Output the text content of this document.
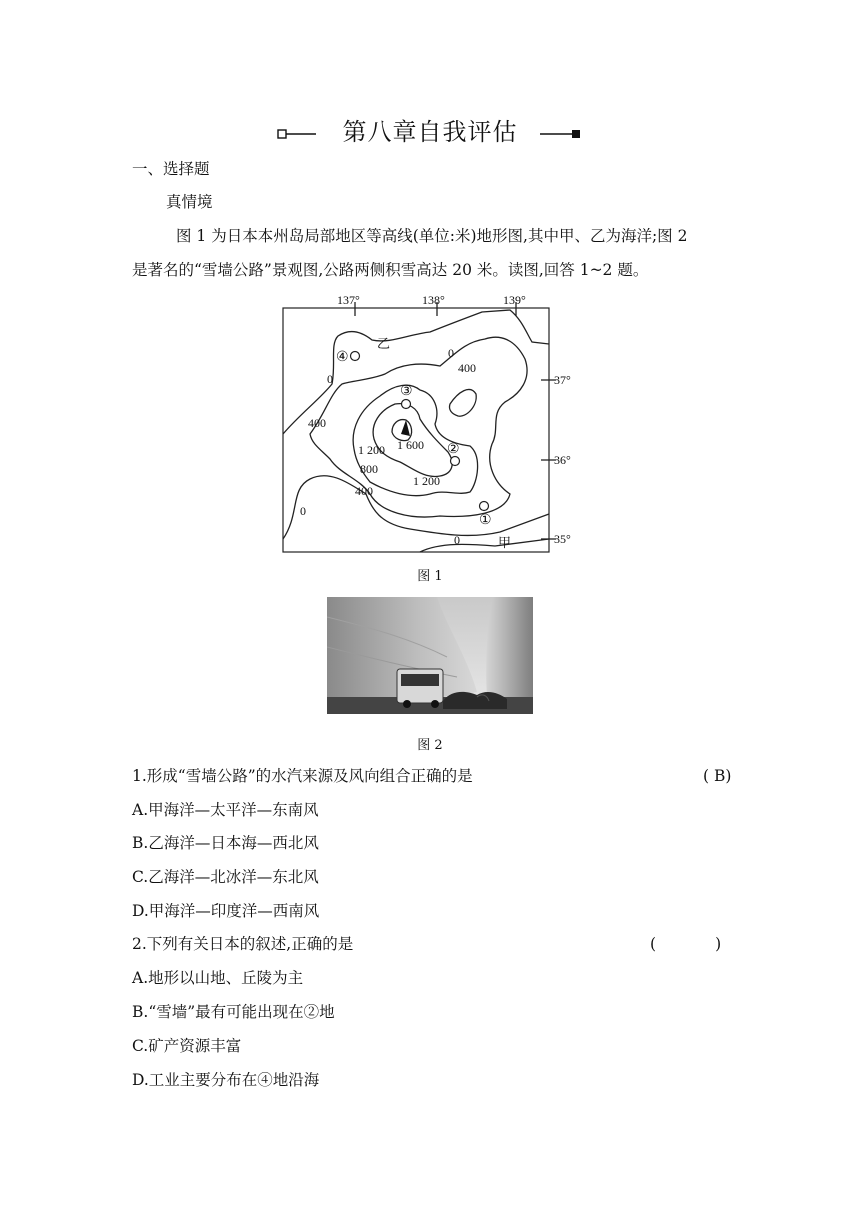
第八章自我评估
一、选择题
真情境
图 1 为日本本州岛局部地区等高线(单位:米)地形图,其中甲、乙为海洋;图 2
是著名的“雪墙公路”景观图,公路两侧积雪高达 20 米。读图,回答 1~2 题。
137°	138°	139°
37°
36°
35°
0
400
0
400
1 200 1 600
800
400
1 200
0
0
乙
甲
④
③
②
①
图 1
图 2
1.形成“雪墙公路”的水汽来源及风向组合正确的是	( B)
A.甲海洋—太平洋—东南风
B.乙海洋—日本海—西北风
C.乙海洋—北冰洋—东北风
D.甲海洋—印度洋—西南风
2.下列有关日本的叙述,正确的是	(            )
A.地形以山地、丘陵为主
B.“雪墙”最有可能出现在②地
C.矿产资源丰富
D.工业主要分布在④地沿海
